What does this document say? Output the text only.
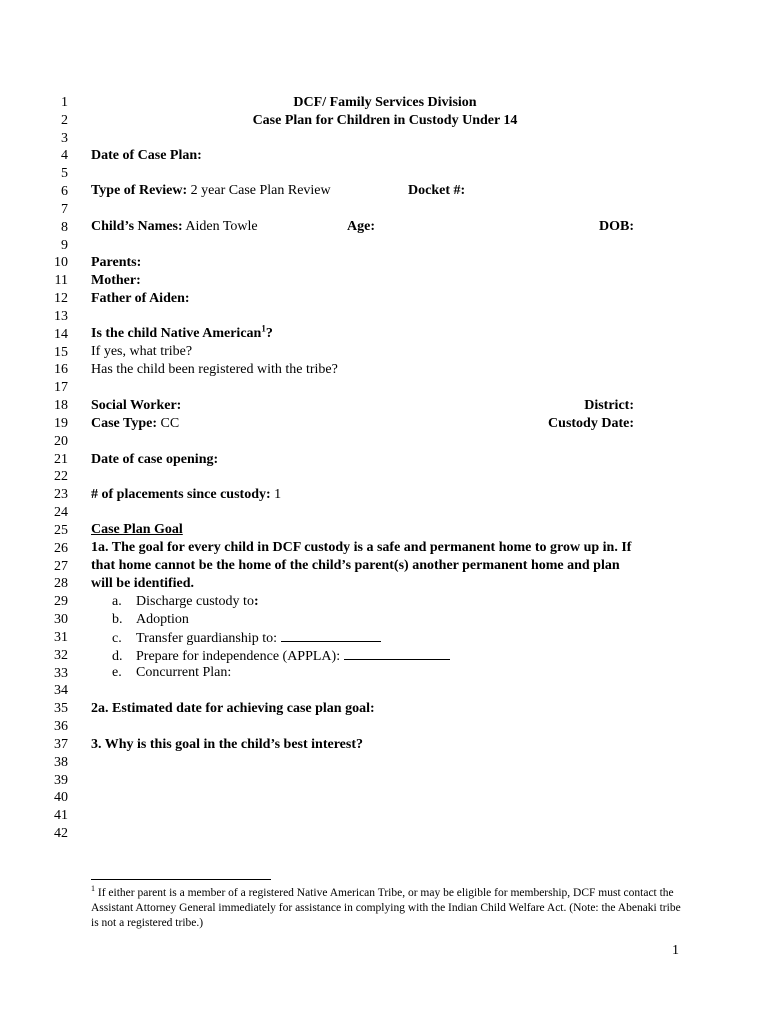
1
2
3
4
5
6
7
8
9
10
11
12
13
14
15
16
17
18
19
20
21
22
23
24
25
26
27
28
29
30
31
32
33
34
35
36
37
38
39
40
41
42
DCF/ Family Services Division
Case Plan for Children in Custody Under 14
Date of Case Plan:
Type of Review: 2 year Case Plan Review	Docket #:
Child’s Names: Aiden Towle	Age:	DOB:
Parents:
Mother:
Father of Aiden:
Is the child Native American$^1$?
If yes, what tribe?
Has the child been registered with the tribe?
Social Worker:	District:
Case Type: CC	Custody Date:
Date of case opening:
# of placements since custody: 1
Case Plan Goal
1a. The goal for every child in DCF custody is a safe and permanent home to grow up in. If
that home cannot be the home of the child’s parent(s) another permanent home and plan
will be identified.
a. Discharge custody to:
b. Adoption
c. Transfer guardianship to:
d. Prepare for independence (APPLA):
e. Concurrent Plan:
2a. Estimated date for achieving case plan goal:
3. Why is this goal in the child’s best interest?
$^1$ If either parent is a member of a registered Native American Tribe, or may be eligible for membership, DCF must contact the Assistant Attorney General immediately for assistance in complying with the Indian Child Welfare Act. (Note: the Abenaki tribe is not a registered tribe.)
1
